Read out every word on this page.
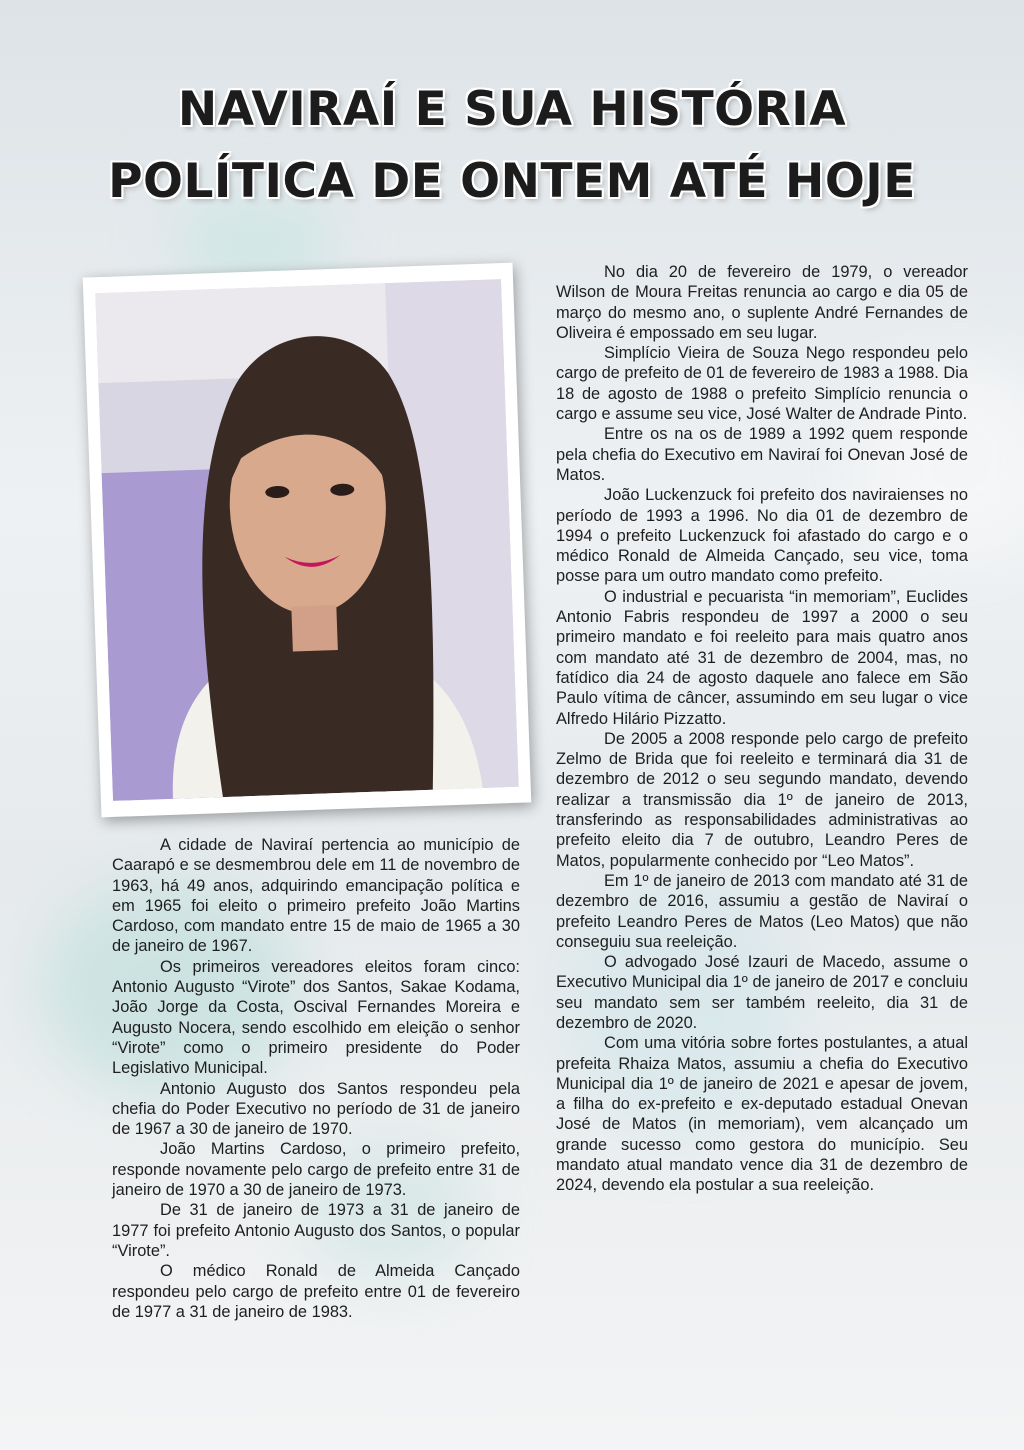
NAVIRAÍ E SUA HISTÓRIA
POLÍTICA DE ONTEM ATÉ HOJE

A cidade de Naviraí pertencia ao município de Caarapó e se desmembrou dele em 11 de novembro de 1963, há 49 anos, adquirindo emancipação política e em 1965 foi eleito o primeiro prefeito João Martins Cardoso, com mandato entre 15 de maio de 1965 a 30 de janeiro de 1967.

Os primeiros vereadores eleitos foram cinco: Antonio Augusto “Virote” dos Santos, Sakae Kodama, João Jorge da Costa, Oscival Fernandes Moreira e Augusto Nocera, sendo escolhido em eleição o senhor “Virote” como o primeiro presidente do Poder Legislativo Municipal.

Antonio Augusto dos Santos respondeu pela chefia do Poder Executivo no período de 31 de janeiro de 1967 a 30 de janeiro de 1970.

João Martins Cardoso, o primeiro prefeito, responde novamente pelo cargo de prefeito entre 31 de janeiro de 1970 a 30 de janeiro de 1973.

De 31 de janeiro de 1973 a 31 de janeiro de 1977 foi prefeito Antonio Augusto dos Santos, o popular “Virote”.

O médico Ronald de Almeida Cançado respondeu pelo cargo de prefeito entre 01 de fevereiro de 1977 a 31 de janeiro de 1983.

No dia 20 de fevereiro de 1979, o vereador Wilson de Moura Freitas renuncia ao cargo e dia 05 de março do mesmo ano, o suplente André Fernandes de Oliveira é empossado em seu lugar.

Simplício Vieira de Souza Nego respondeu pelo cargo de prefeito de 01 de fevereiro de 1983 a 1988. Dia 18 de agosto de 1988 o prefeito Simplício renuncia o cargo e assume seu vice, José Walter de Andrade Pinto.

Entre os na os de 1989 a 1992 quem responde pela chefia do Executivo em Naviraí foi Onevan José de Matos.

João Luckenzuck foi prefeito dos naviraienses no período de 1993 a 1996. No dia 01 de dezembro de 1994 o prefeito Luckenzuck foi afastado do cargo e o médico Ronald de Almeida Cançado, seu vice, toma posse para um outro mandato como prefeito.

O industrial e pecuarista “in memoriam”, Euclides Antonio Fabris respondeu de 1997 a 2000 o seu primeiro mandato e foi reeleito para mais quatro anos com mandato até 31 de dezembro de 2004, mas, no fatídico dia 24 de agosto daquele ano falece em São Paulo vítima de câncer, assumindo em seu lugar o vice Alfredo Hilário Pizzatto.

De 2005 a 2008 responde pelo cargo de prefeito Zelmo de Brida que foi reeleito e terminará dia 31 de dezembro de 2012 o seu segundo mandato, devendo realizar a transmissão dia 1º de janeiro de 2013, transferindo as responsabilidades administrativas ao prefeito eleito dia 7 de outubro, Leandro Peres de Matos, popularmente conhecido por “Leo Matos”.

Em 1º de janeiro de 2013 com mandato até 31 de dezembro de 2016, assumiu a gestão de Naviraí o prefeito Leandro Peres de Matos (Leo Matos) que não conseguiu sua reeleição.

O advogado José Izauri de Macedo, assume o Executivo Municipal dia 1º de janeiro de 2017 e concluiu seu mandato sem ser também reeleito, dia 31 de dezembro de 2020.

Com uma vitória sobre fortes postulantes, a atual prefeita Rhaiza Matos, assumiu a chefia do Executivo Municipal dia 1º de janeiro de 2021 e apesar de jovem, a filha do ex-prefeito e ex-deputado estadual Onevan José de Matos (in memoriam), vem alcançado um grande sucesso como gestora do município. Seu mandato atual mandato vence dia 31 de dezembro de 2024, devendo ela postular a sua reeleição.
